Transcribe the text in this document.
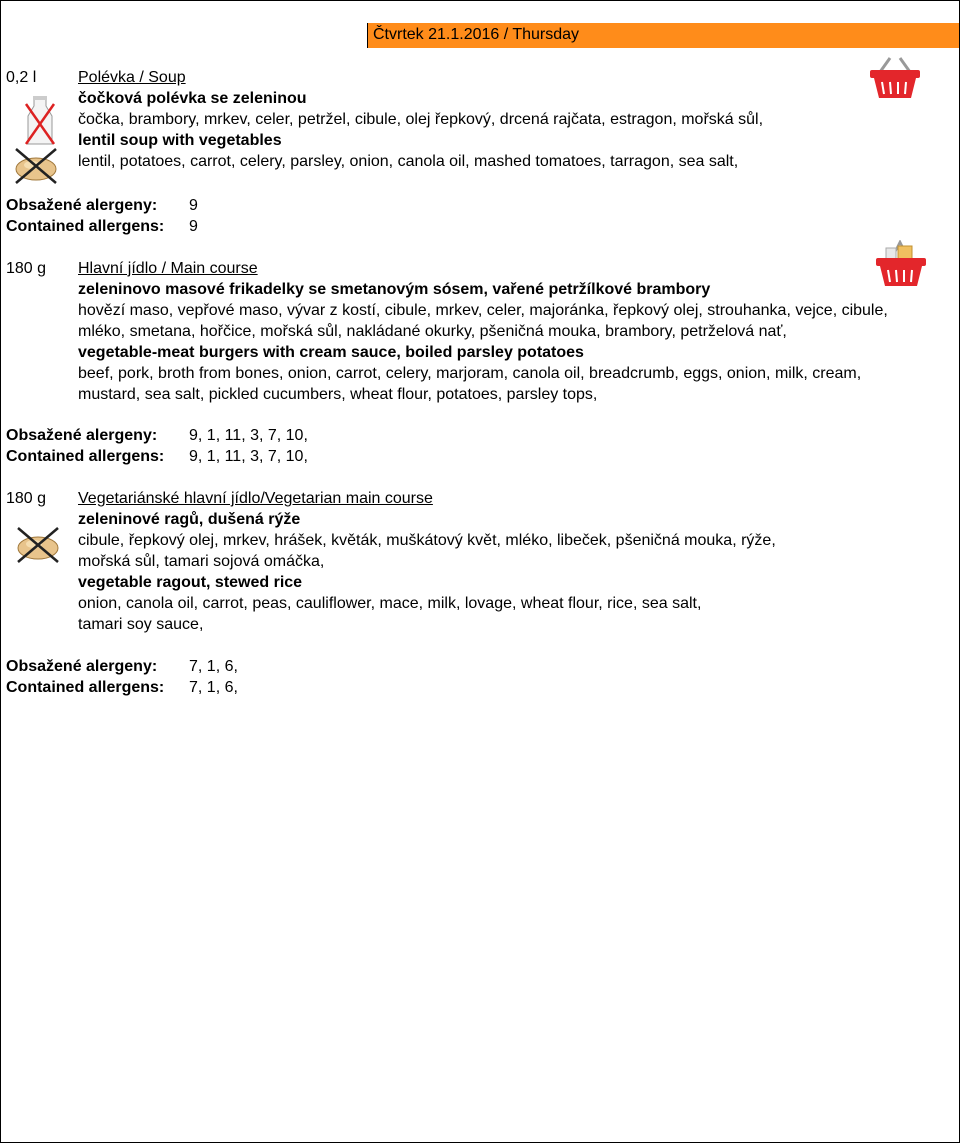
Čtvrtek 21.1.2016 / Thursday
0,2 l	Polévka / Soup
čočková polévka se zeleninou
čočka, brambory, mrkev, celer, petržel, cibule, olej řepkový, drcená rajčata, estragon, mořská sůl,
lentil soup with vegetables
lentil, potatoes, carrot, celery, parsley, onion, canola oil, mashed tomatoes, tarragon, sea salt,
Obsažené alergeny: 9
Contained allergens: 9
180 g Hlavní jídlo / Main course
zeleninovo masové frikadelky se smetanovým sósem, vařené petržílkové brambory
hovězí maso, vepřové maso, vývar z kostí, cibule, mrkev, celer, majoránka, řepkový olej, strouhanka, vejce, cibule,
mléko, smetana, hořčice, mořská sůl, nakládané okurky, pšeničná mouka, brambory, petrželová nať,
vegetable-meat burgers with cream sauce, boiled parsley potatoes
beef, pork, broth from bones, onion, carrot, celery, marjoram, canola oil, breadcrumb, eggs, onion, milk, cream,
mustard, sea salt, pickled cucumbers, wheat flour, potatoes, parsley tops,
Obsažené alergeny: 9, 1, 11, 3, 7, 10,
Contained allergens: 9, 1, 11, 3, 7, 10,
180 g Vegetariánské hlavní jídlo/Vegetarian main course
zeleninové ragů, dušená rýže
cibule, řepkový olej, mrkev, hrášek, květák, muškátový květ, mléko, libeček, pšeničná mouka, rýže,
mořská sůl, tamari sojová omáčka,
vegetable ragout, stewed rice
onion, canola oil, carrot, peas, cauliflower, mace, milk, lovage, wheat flour, rice, sea salt,
tamari soy sauce,
Obsažené alergeny: 7, 1, 6,
Contained allergens: 7, 1, 6,
